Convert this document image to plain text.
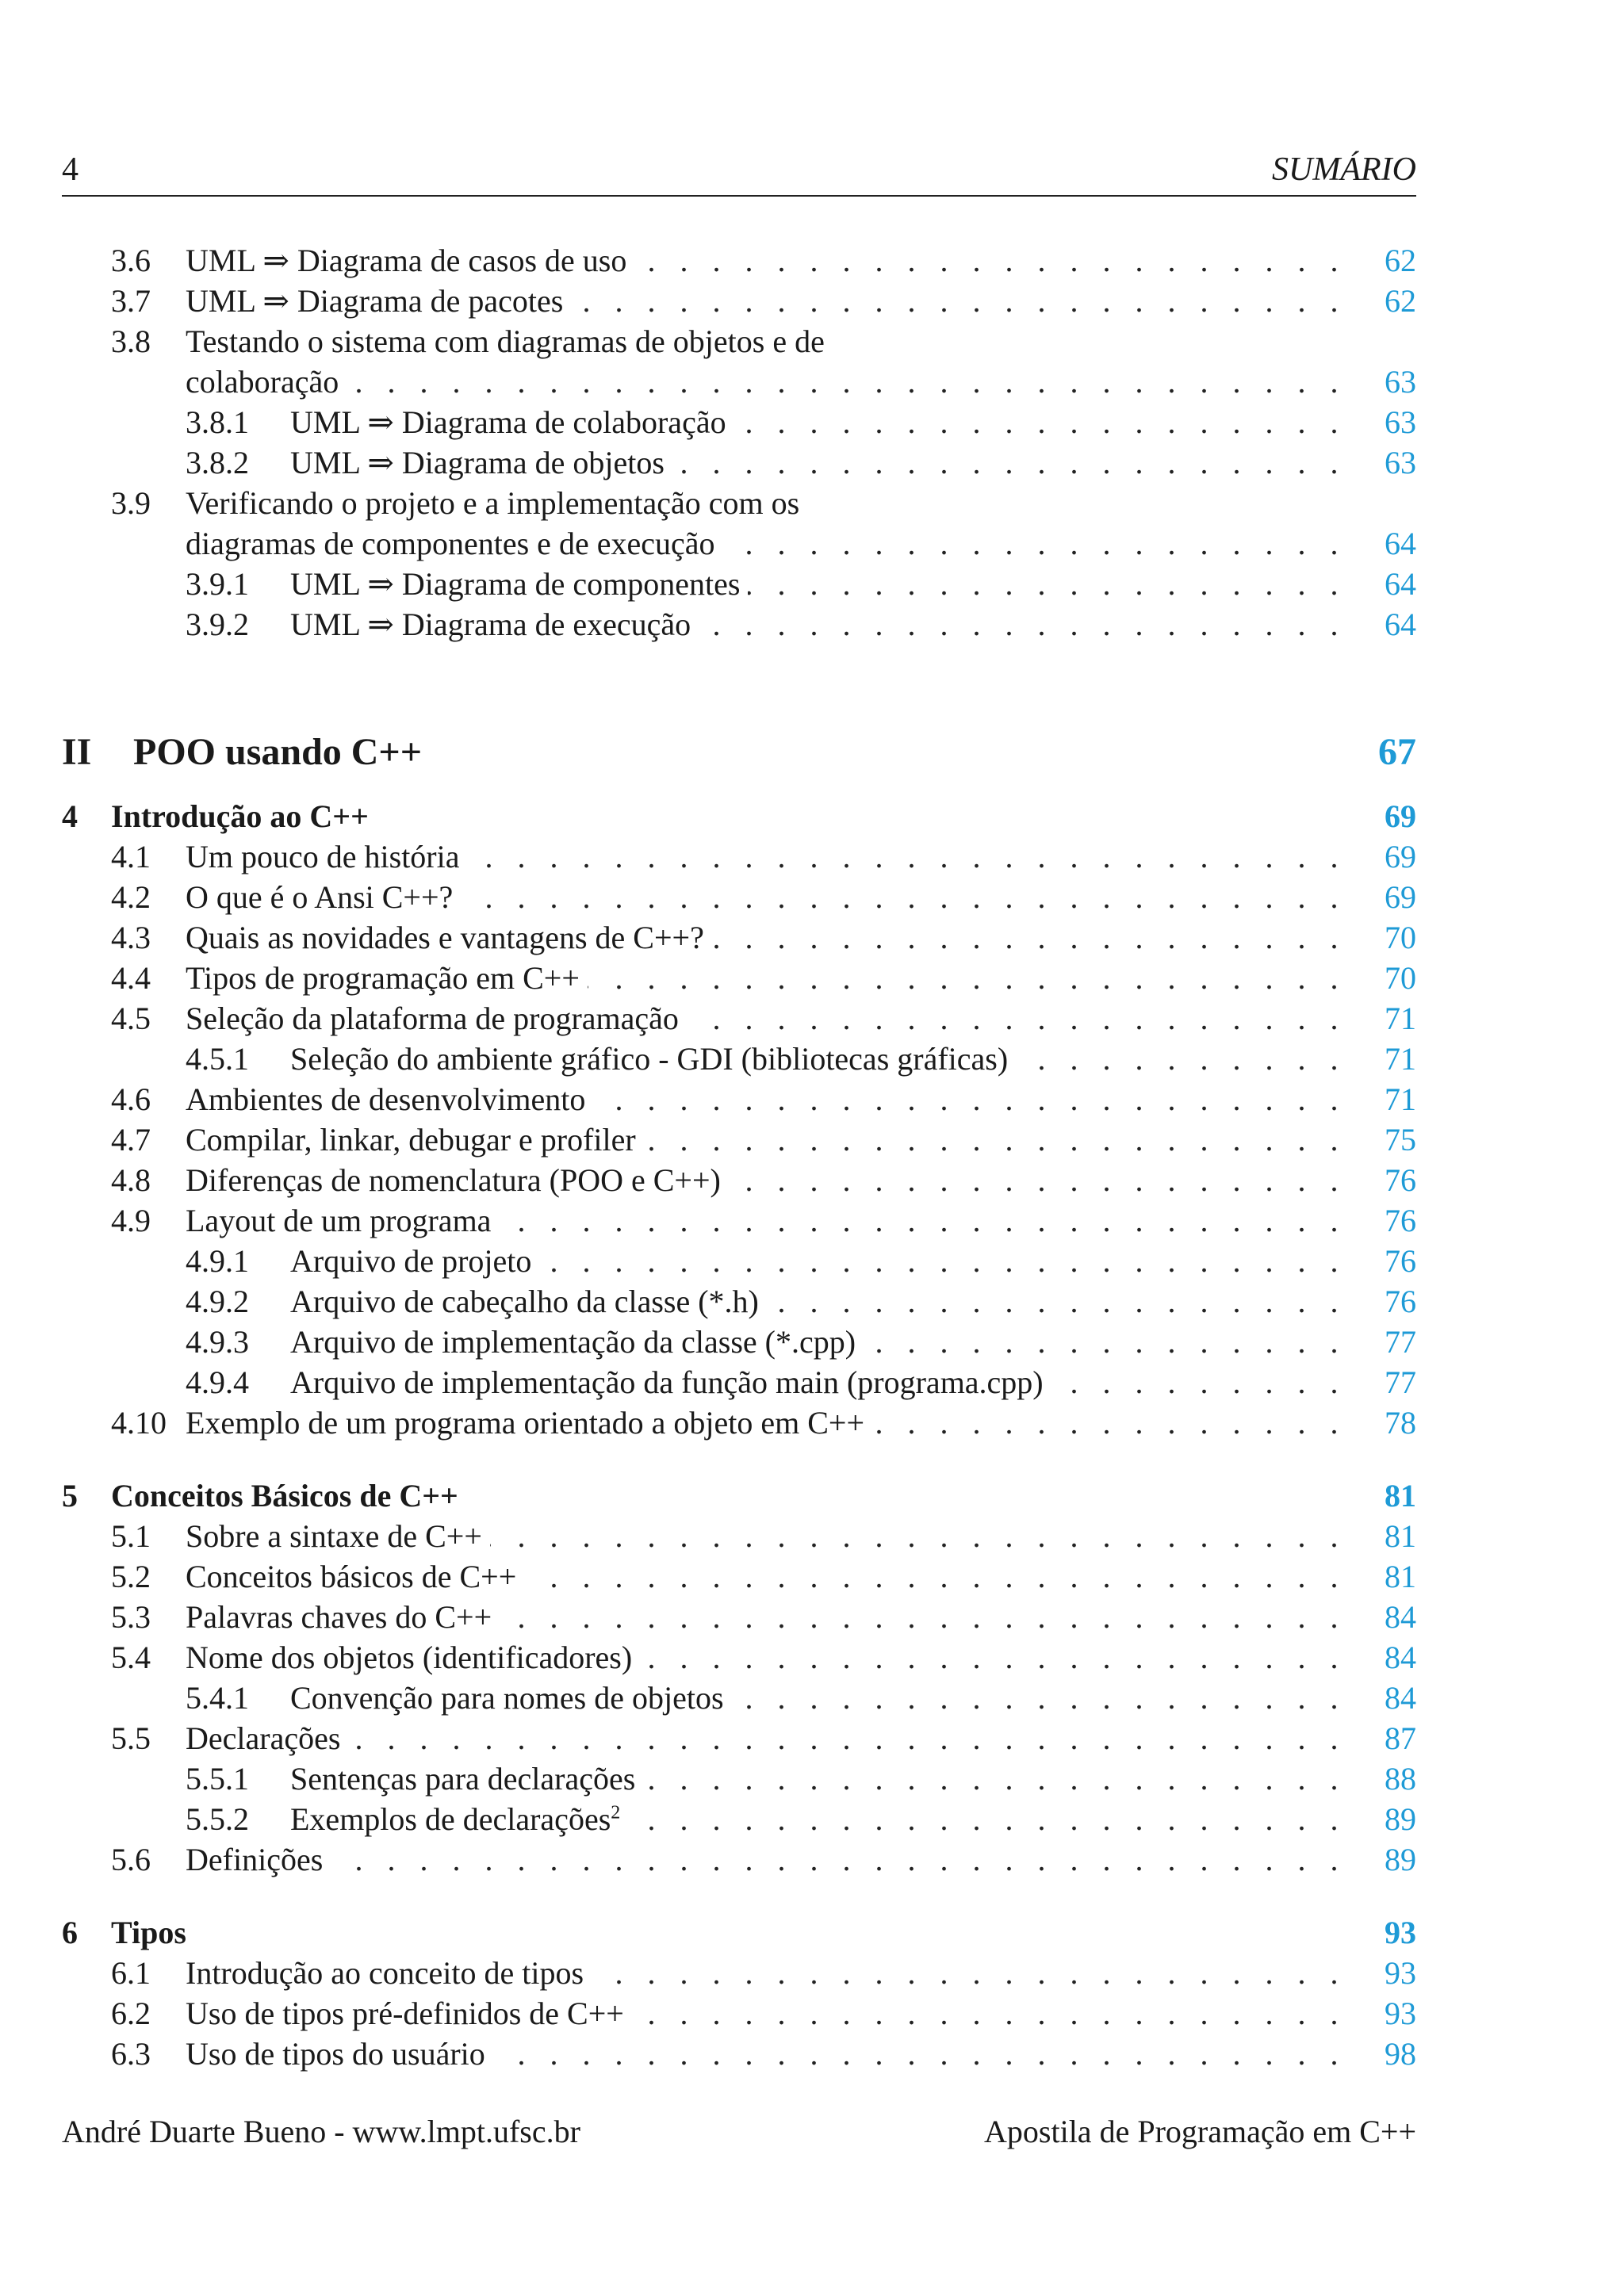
4	SUMÁRIO
3.6 UML ⇒ Diagrama de casos de uso . . .	62
3.7 UML ⇒ Diagrama de pacotes . . .	62
3.8 Testando o sistema com diagramas de objetos e de
colaboração . . .	63
3.8.1 UML ⇒ Diagrama de colaboração . . .	63
3.8.2 UML ⇒ Diagrama de objetos . . .	63
3.9 Verificando o projeto e a implementação com os
diagramas de componentes e de execução . . .	64
3.9.1 UML ⇒ Diagrama de componentes . . .	64
3.9.2 UML ⇒ Diagrama de execução . . .	64
II POO usando C++	67
4 Introdução ao C++	69
4.1 Um pouco de história . . .	69
4.2 O que é o Ansi C++? . . .	69
4.3 Quais as novidades e vantagens de C++? . . .	70
4.4 Tipos de programação em C++ . . .	70
4.5 Seleção da plataforma de programação . . .	71
4.5.1 Seleção do ambiente gráfico - GDI (bibliotecas gráficas) . . .	71
4.6 Ambientes de desenvolvimento . . .	71
4.7 Compilar, linkar, debugar e profiler . . .	75
4.8 Diferenças de nomenclatura (POO e C++) . . .	76
4.9 Layout de um programa . . .	76
4.9.1 Arquivo de projeto . . .	76
4.9.2 Arquivo de cabeçalho da classe (*.h) . . .	76
4.9.3 Arquivo de implementação da classe (*.cpp) . . .	77
4.9.4 Arquivo de implementação da função main (programa.cpp) . . .	77
4.10 Exemplo de um programa orientado a objeto em C++ . . .	78
5 Conceitos Básicos de C++	81
5.1 Sobre a sintaxe de C++ . . .	81
5.2 Conceitos básicos de C++ . . .	81
5.3 Palavras chaves do C++ . . .	84
5.4 Nome dos objetos (identificadores) . . .	84
5.4.1 Convenção para nomes de objetos . . .	84
5.5 Declarações . . .	87
5.5.1 Sentenças para declarações . . .	88
5.5.2 Exemplos de declarações$^2$ . . .	89
5.6 Definições . . .	89
6 Tipos	93
6.1 Introdução ao conceito de tipos . . .	93
6.2 Uso de tipos pré-definidos de C++ . . .	93
6.3 Uso de tipos do usuário . . .	98
André Duarte Bueno - www.lmpt.ufsc.br	Apostila de Programação em C++
